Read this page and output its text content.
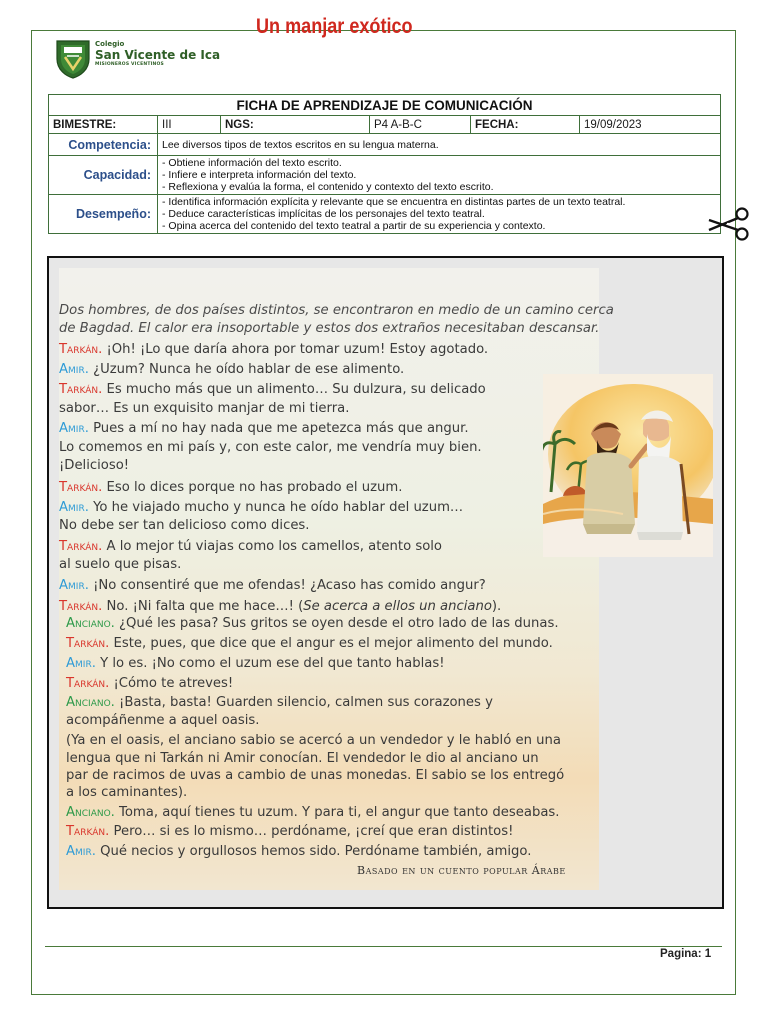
Colegio
San Vicente de Ica
MISIONEROS VICENTINOS
FICHA DE APRENDIZAJE DE COMUNICACIÓN					
BIMESTRE:	III	NGS:	P4 A-B-C	FECHA:	19/09/2023
Competencia:	Lee diversos tipos de textos escritos en su lengua materna.				
Capacidad:	- Obtiene información del texto escrito.
- Infiere e interpreta información del texto.
- Reflexiona y evalúa la forma, el contenido y contexto del texto escrito.				

Desempeño:	- Identifica información explícita y relevante que se encuentra en distintas partes de un texto teatral.
- Deduce características implícitas de los personajes del texto teatral.
- Opina acerca del contenido del texto teatral a partir de su experiencia y contexto.				
Un manjar exótico
Dos hombres, de dos países distintos, se encontraron en medio de un camino cerca
de Bagdad. El calor era insoportable y estos dos extraños necesitaban descansar.
Tarkán. ¡Oh! ¡Lo que daría ahora por tomar uzum! Estoy agotado.
Amir. ¿Uzum? Nunca he oído hablar de ese alimento.
Tarkán. Es mucho más que un alimento… Su dulzura, su delicado
sabor… Es un exquisito manjar de mi tierra.
Amir. Pues a mí no hay nada que me apetezca más que angur.
Lo comemos en mi país y, con este calor, me vendría muy bien.
¡Delicioso!
Tarkán. Eso lo dices porque no has probado el uzum.
Amir. Yo he viajado mucho y nunca he oído hablar del uzum…
No debe ser tan delicioso como dices.
Tarkán. A lo mejor tú viajas como los camellos, atento solo
al suelo que pisas.
Amir. ¡No consentiré que me ofendas! ¿Acaso has comido angur?
Tarkán. No. ¡Ni falta que me hace…! (Se acerca a ellos un anciano).
Anciano. ¿Qué les pasa? Sus gritos se oyen desde el otro lado de las dunas.
Tarkán. Este, pues, que dice que el angur es el mejor alimento del mundo.
Amir. Y lo es. ¡No como el uzum ese del que tanto hablas!
Tarkán. ¡Cómo te atreves!
Anciano. ¡Basta, basta! Guarden silencio, calmen sus corazones y
acompáñenme a aquel oasis.
(Ya en el oasis, el anciano sabio se acercó a un vendedor y le habló en una
lengua que ni Tarkán ni Amir conocían. El vendedor le dio al anciano un
par de racimos de uvas a cambio de unas monedas. El sabio se los entregó
a los caminantes).
Anciano. Toma, aquí tienes tu uzum. Y para ti, el angur que tanto deseabas.
Tarkán. Pero… si es lo mismo… perdóname, ¡creí que eran distintos!
Amir. Qué necios y orgullosos hemos sido. Perdóname también, amigo.
Basado en un cuento popular Árabe
Pagina: 1
